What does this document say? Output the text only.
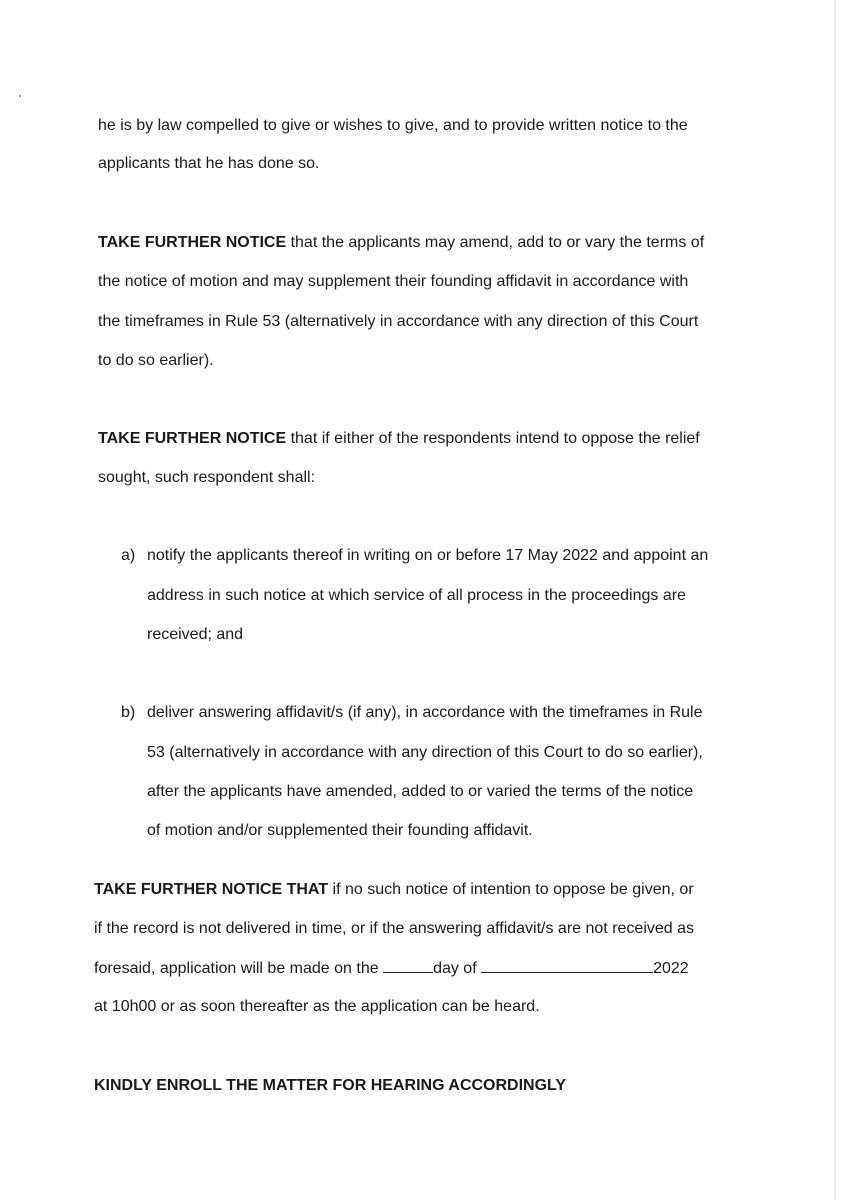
he is by law compelled to give or wishes to give, and to provide written notice to the
applicants that he has done so.
TAKE FURTHER NOTICE that the applicants may amend, add to or vary the terms of
the notice of motion and may supplement their founding affidavit in accordance with
the timeframes in Rule 53 (alternatively in accordance with any direction of this Court
to do so earlier).
TAKE FURTHER NOTICE that if either of the respondents intend to oppose the relief
sought, such respondent shall:
a) notify the applicants thereof in writing on or before 17 May 2022 and appoint an
address in such notice at which service of all process in the proceedings are
received; and
b) deliver answering affidavit/s (if any), in accordance with the timeframes in Rule
53 (alternatively in accordance with any direction of this Court to do so earlier),
after the applicants have amended, added to or varied the terms of the notice
of motion and/or supplemented their founding affidavit.
TAKE FURTHER NOTICE THAT if no such notice of intention to oppose be given, or
if the record is not delivered in time, or if the answering affidavit/s are not received as
foresaid, application will be made on the	day of	2022
at 10h00 or as soon thereafter as the application can be heard.
KINDLY ENROLL THE MATTER FOR HEARING ACCORDINGLY
